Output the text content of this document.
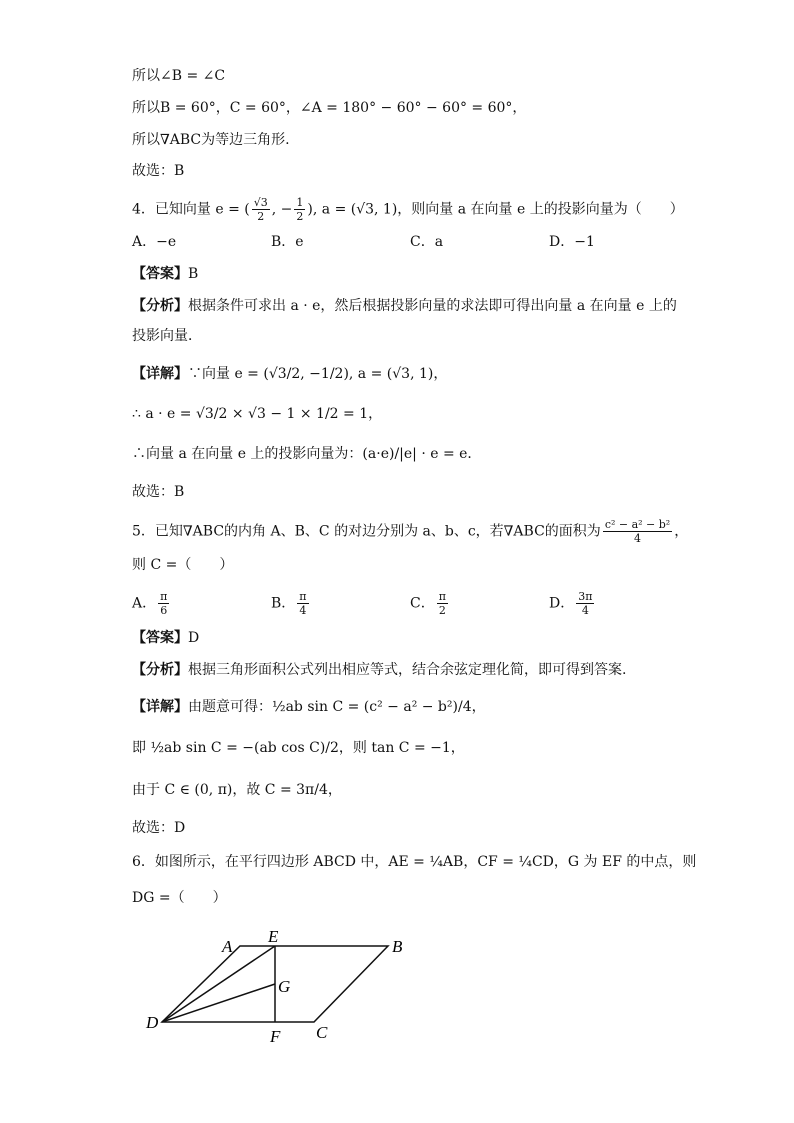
所以∠B = ∠C
所以B = 60°，C = 60°，∠A = 180° − 60° − 60° = 60°，
所以∇ABC为等边三角形.
故选：B
4．已知向量 e = ( $\frac{√3}{2}$ , − $\frac{1}{2}$ ), a = (√3, 1)，则向量 a 在向量 e 上的投影向量为（　　）
A．−e	B．e	C．a	D．−1
【答案】B
【分析】根据条件可求出 a · e，然后根据投影向量的求法即可得出向量 a 在向量 e 上的
投影向量．
【详解】∵向量 e = (√3/2, −1/2), a = (√3, 1)，
∴ a · e = √3/2 × √3 − 1 × 1/2 = 1，
∴向量 a 在向量 e 上的投影向量为：(a·e)/|e| · e = e．
故选：B
5．已知∇ABC的内角 A、B、C 的对边分别为 a、b、c，若∇ABC的面积为 $\frac{\text{c² − a² − b²}}{4}$ ，
则 C =（　　）
A． $\frac{\pi}{6}$	B． $\frac{\pi}{4}$	C． $\frac{\pi}{2}$	D． $\frac{3\pi}{4}$
【答案】D
【分析】根据三角形面积公式列出相应等式，结合余弦定理化简，即可得到答案.
【详解】由题意可得：½ab sin C = (c² − a² − b²)/4，
即 ½ab sin C = −(ab cos C)/2，则 tan C = −1，
由于 C ∈ (0, π)，故 C = 3π/4，
故选：D
6．如图所示，在平行四边形 ABCD 中，AE = ¼AB，CF = ¼CD，G 为 EF 的中点，则
DG =（　　）
A
E
B
G
D
F C
